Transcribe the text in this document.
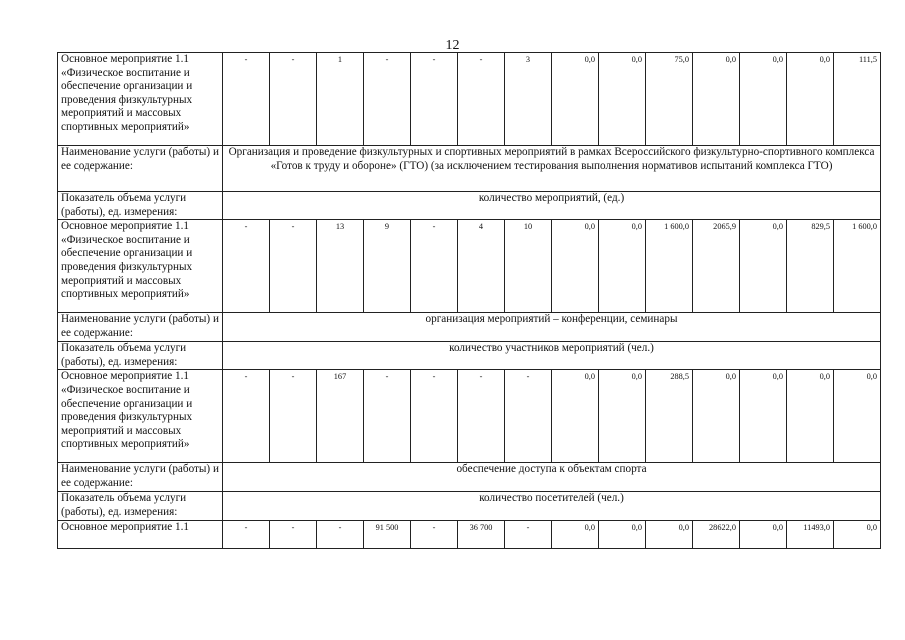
12
Основное мероприятие 1.1 «Физическое воспитание и обеспечение организации и проведения физкультурных мероприятий и массовых спортивных мероприятий»	-	-	1	-	-	-	3	0,0	0,0	75,0	0,0	0,0	0,0	111,5
Наименование услуги (работы) и ее содержание:	Организация и проведение физкультурных и спортивных мероприятий в рамках Всероссийского физкультурно-спортивного комплекса «Готов к труду и обороне» (ГТО) (за исключением тестирования выполнения нормативов испытаний комплекса ГТО)													
Показатель объема услуги (работы), ед. измерения:	количество мероприятий, (ед.)													
Основное мероприятие 1.1 «Физическое воспитание и обеспечение организации и проведения физкультурных мероприятий и массовых спортивных мероприятий»	-	-	13	9	-	4	10	0,0	0,0	1 600,0	2065,9	0,0	829,5	1 600,0
Наименование услуги (работы) и ее содержание:	организация мероприятий – конференции, семинары													
Показатель объема услуги (работы), ед. измерения:	количество участников мероприятий (чел.)													
Основное мероприятие 1.1 «Физическое воспитание и обеспечение организации и проведения физкультурных мероприятий и массовых спортивных мероприятий»	-	-	167	-	-	-	-	0,0	0,0	288,5	0,0	0,0	0,0	0,0
Наименование услуги (работы) и ее содержание:	обеспечение доступа к объектам спорта													
Показатель объема услуги (работы), ед. измерения:	количество посетителей (чел.)													
Основное мероприятие 1.1	-	-	-	91 500	-	36 700	-	0,0	0,0	0,0	28622,0	0,0	11493,0	0,0
